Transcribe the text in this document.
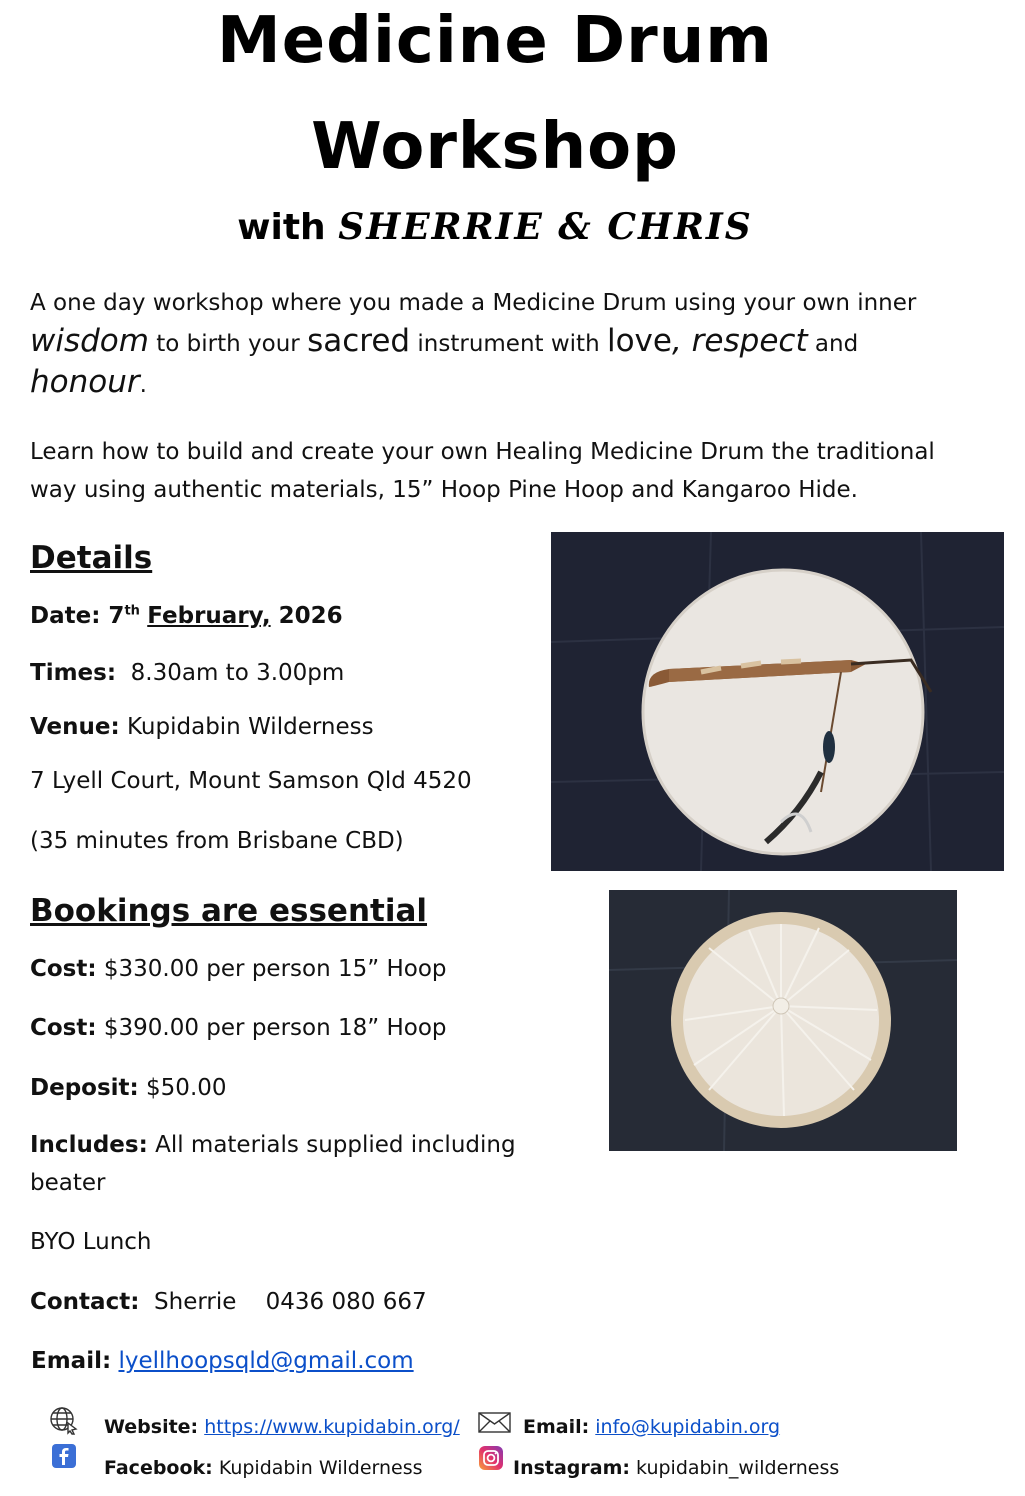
Medicine Drum
Workshop
with SHERRIE & CHRIS
A one day workshop where you made a Medicine Drum using your own inner
wisdom to birth your sacred instrument with love, respect and
honour.
Learn how to build and create your own Healing Medicine Drum the traditional
way using authentic materials, 15” Hoop Pine Hoop and Kangaroo Hide.
Details
Date: 7th February, 2026
Times:  8.30am to 3.00pm
Venue: Kupidabin Wilderness
7 Lyell Court, Mount Samson Qld 4520
(35 minutes from Brisbane CBD)
Bookings are essential
Cost: $330.00 per person 15” Hoop
Cost: $390.00 per person 18” Hoop
Deposit: $50.00
Includes: All materials supplied including
beater
BYO Lunch
Contact:  Sherrie    0436 080 667
Email: lyellhoopsqld@gmail.com
Website: https://www.kupidabin.org/	Email: info@kupidabin.org
Facebook: Kupidabin Wilderness	Instagram: kupidabin_wilderness
